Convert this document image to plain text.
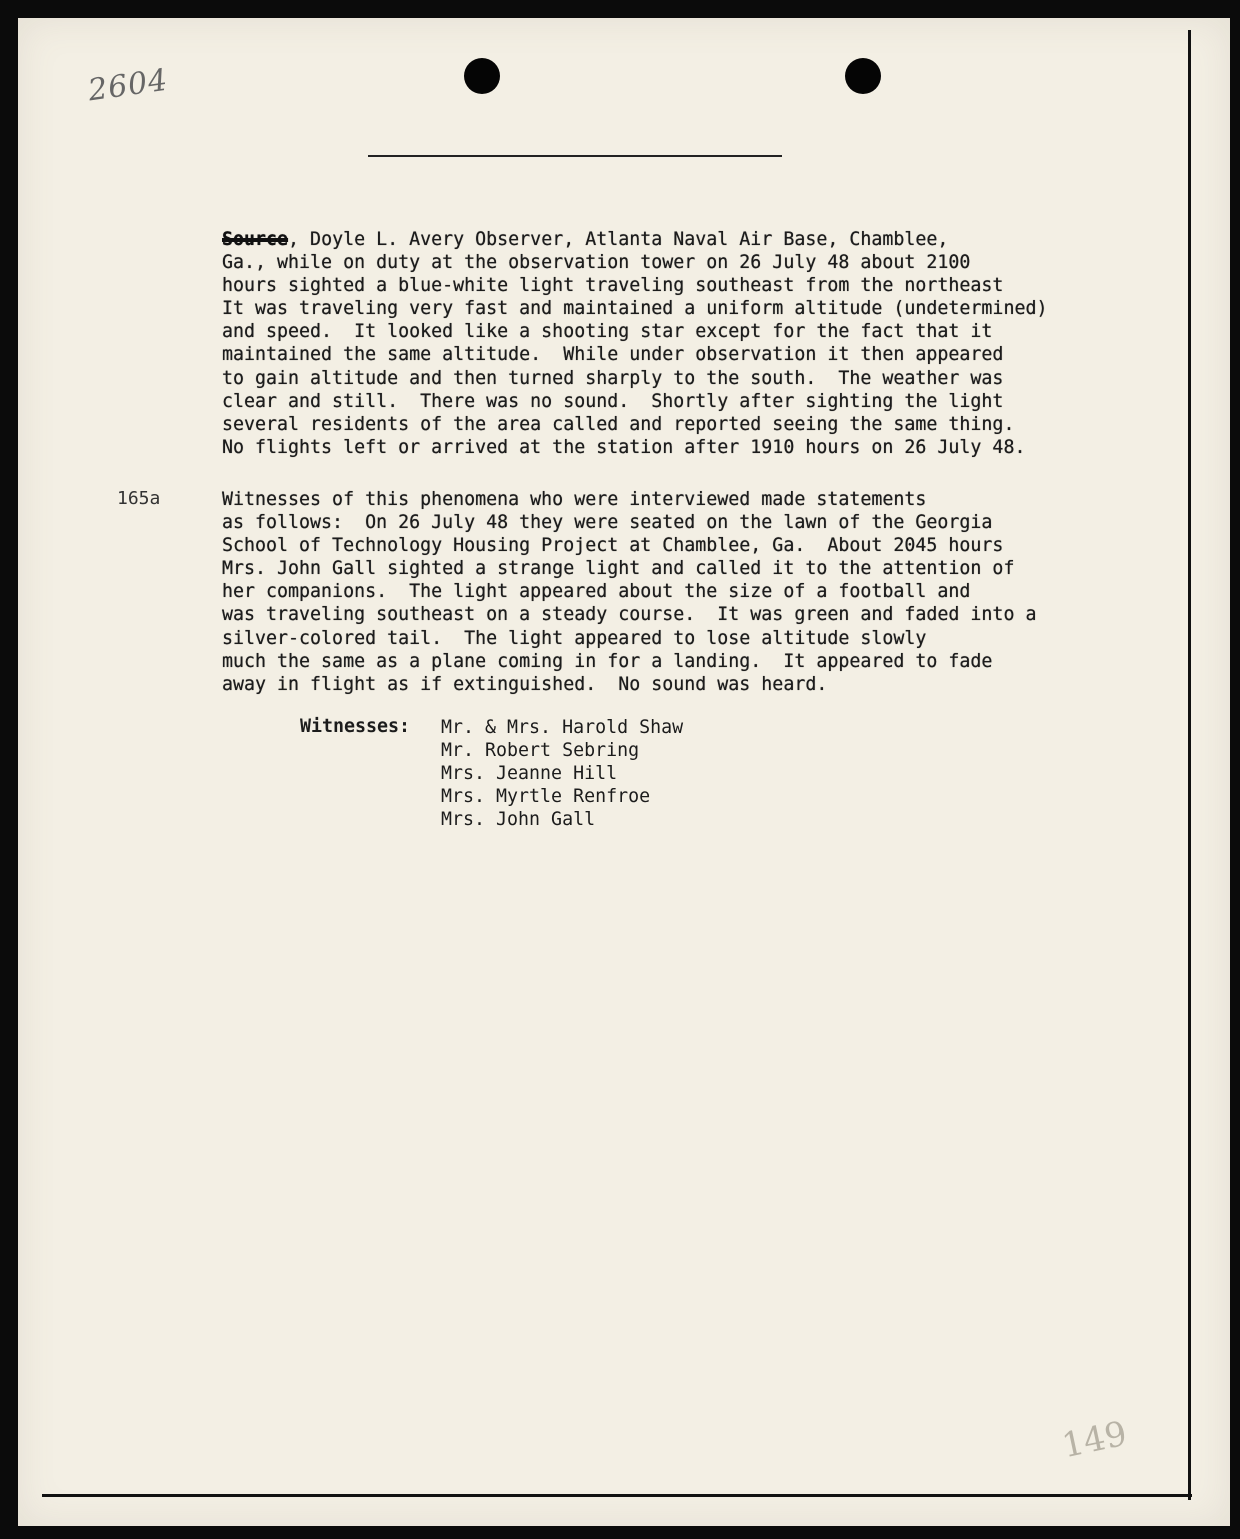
2604
Source, Doyle L. Avery Observer, Atlanta Naval Air Base, Chamblee,
Ga., while on duty at the observation tower on 26 July 48 about 2100
hours sighted a blue-white light traveling southeast from the northeast
It was traveling very fast and maintained a uniform altitude (undetermined)
and speed.  It looked like a shooting star except for the fact that it
maintained the same altitude.  While under observation it then appeared
to gain altitude and then turned sharply to the south.  The weather was
clear and still.  There was no sound.  Shortly after sighting the light
several residents of the area called and reported seeing the same thing.
No flights left or arrived at the station after 1910 hours on 26 July 48.
165a	Witnesses of this phenomena who were interviewed made statements
as follows:  On 26 July 48 they were seated on the lawn of the Georgia
School of Technology Housing Project at Chamblee, Ga.  About 2045 hours
Mrs. John Gall sighted a strange light and called it to the attention of
her companions.  The light appeared about the size of a football and
was traveling southeast on a steady course.  It was green and faded into a
silver-colored tail.  The light appeared to lose altitude slowly
much the same as a plane coming in for a landing.  It appeared to fade
away in flight as if extinguished.  No sound was heard.
Witnesses: Mr. & Mrs. Harold Shaw
Mr. Robert Sebring
Mrs. Jeanne Hill
Mrs. Myrtle Renfroe
Mrs. John Gall
149
